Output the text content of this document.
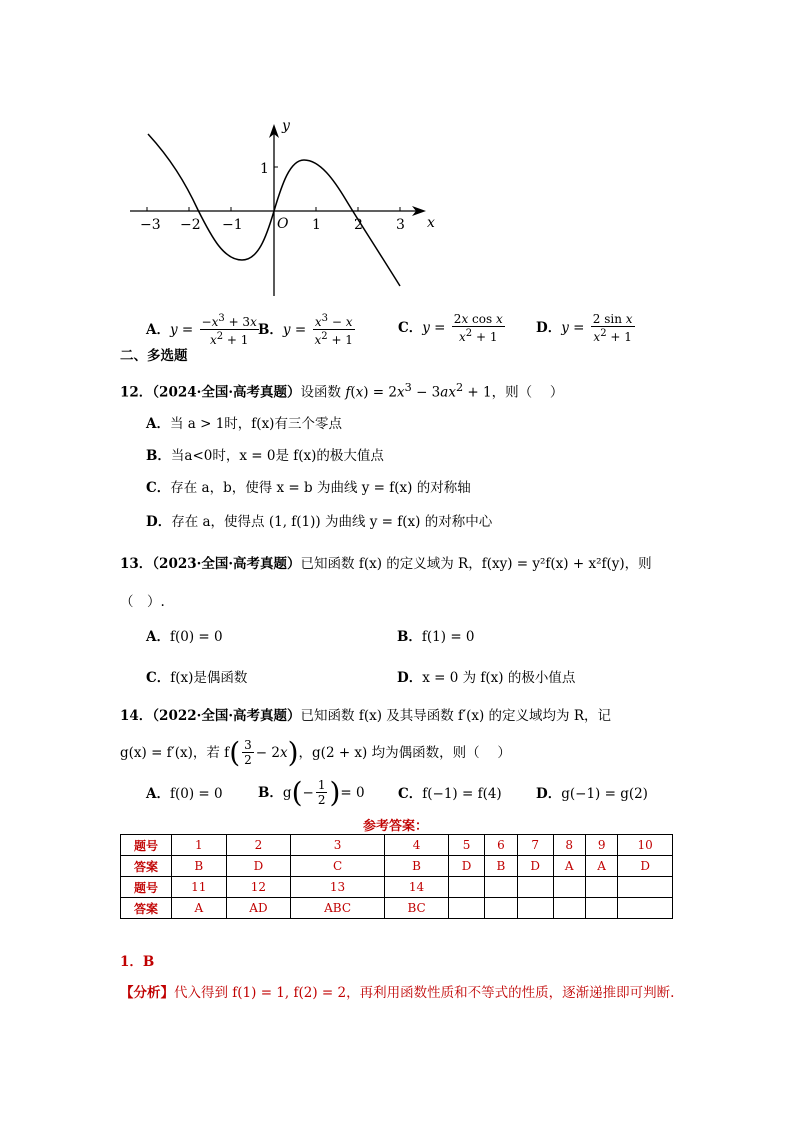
y
x
O
1
−3 −2 −1	1 2 3
A． $y = \frac{-x^3 + 3x}{x^2 + 1}$ B． $y = \frac{x^3 - x}{x^2 + 1}$	C． $y = \frac{\text{2x cos x}}{x^2 + 1}$ D． $y = \frac{\text{2 sin x}}{x^2 + 1}$
二、多选题
12．（2024·全国·高考真题）设函数 $f(x) = 2x^3 - 3ax^2 + 1$，则（　 ）
A．当 a > 1时，f(x)有三个零点
B．当a<0时，x = 0是 f(x)的极大值点
C．存在 a，b，使得 x = b 为曲线 y = f(x) 的对称轴
D．存在 a，使得点 (1, f(1)) 为曲线 y = f(x) 的对称中心
13．（2023·全国·高考真题）已知函数 f(x) 的定义域为 R，f(xy) = y²f(x) + x²f(y)，则
（　）.
A．f(0) = 0	B．f(1) = 0
C．f(x)是偶函数	D．x = 0 为 f(x) 的极小值点
14．（2022·全国·高考真题）已知函数 f(x) 及其导函数 f′(x) 的定义域均为 R，记
g(x) = f′(x)，若 f ( $\frac{3}{2} - 2$ x ) ，g(2 + x) 均为偶函数，则（　 ）
A．f(0) = 0	B． g ( − $\frac{1}{2}$ ) = 0 C．f(−1) = f(4)	D．g(−1) = g(2)
参考答案：
题号	1	2	3	4	5	6	7	8	9	10
答案	B	D	C	B	D	B	D	A	A	D
题号	11	12	13	14						
答案	A	AD	ABC	BC						
1．B
【分析】代入得到 f(1) = 1, f(2) = 2，再利用函数性质和不等式的性质，逐渐递推即可判断.
